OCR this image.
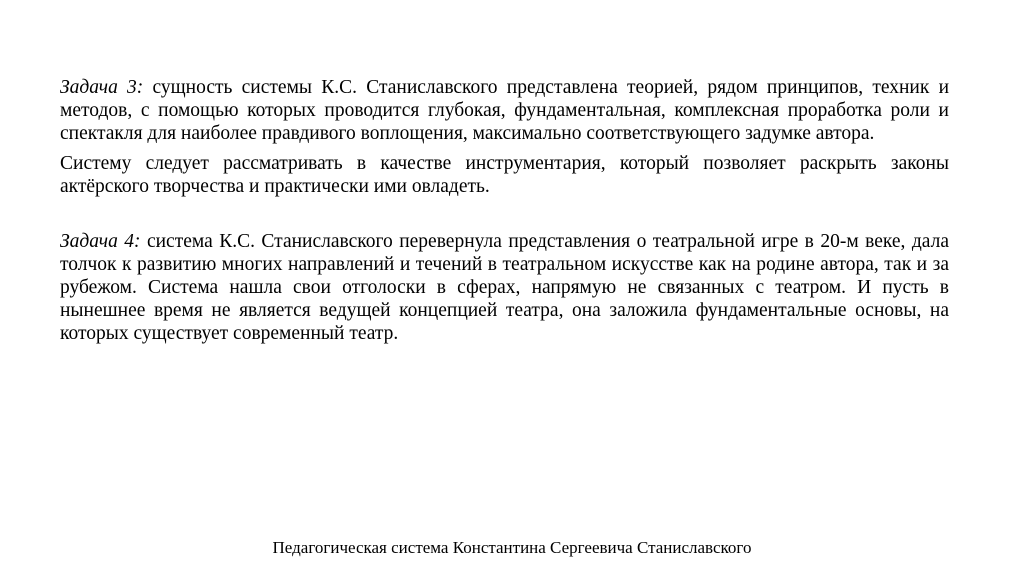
Задача 3: сущность системы К.С. Станиславского представлена теорией, рядом принципов, техник и методов, с помощью которых проводится глубокая, фундаментальная, комплексная проработка роли и спектакля для наиболее правдивого воплощения, максимально соответствующего задумке автора.

Систему следует рассматривать в качестве инструментария, который позволяет раскрыть законы актёрского творчества и практически ими овладеть.

Задача 4: система К.С. Станиславского перевернула представления о театральной игре в 20-м веке, дала толчок к развитию многих направлений и течений в театральном искусстве как на родине автора, так и за рубежом. Система нашла свои отголоски в сферах, напрямую не связанных с театром. И пусть в нынешнее время не является ведущей концепцией театра, она заложила фундаментальные основы, на которых существует современный театр.

Педагогическая система Константина Сергеевича Станиславского
